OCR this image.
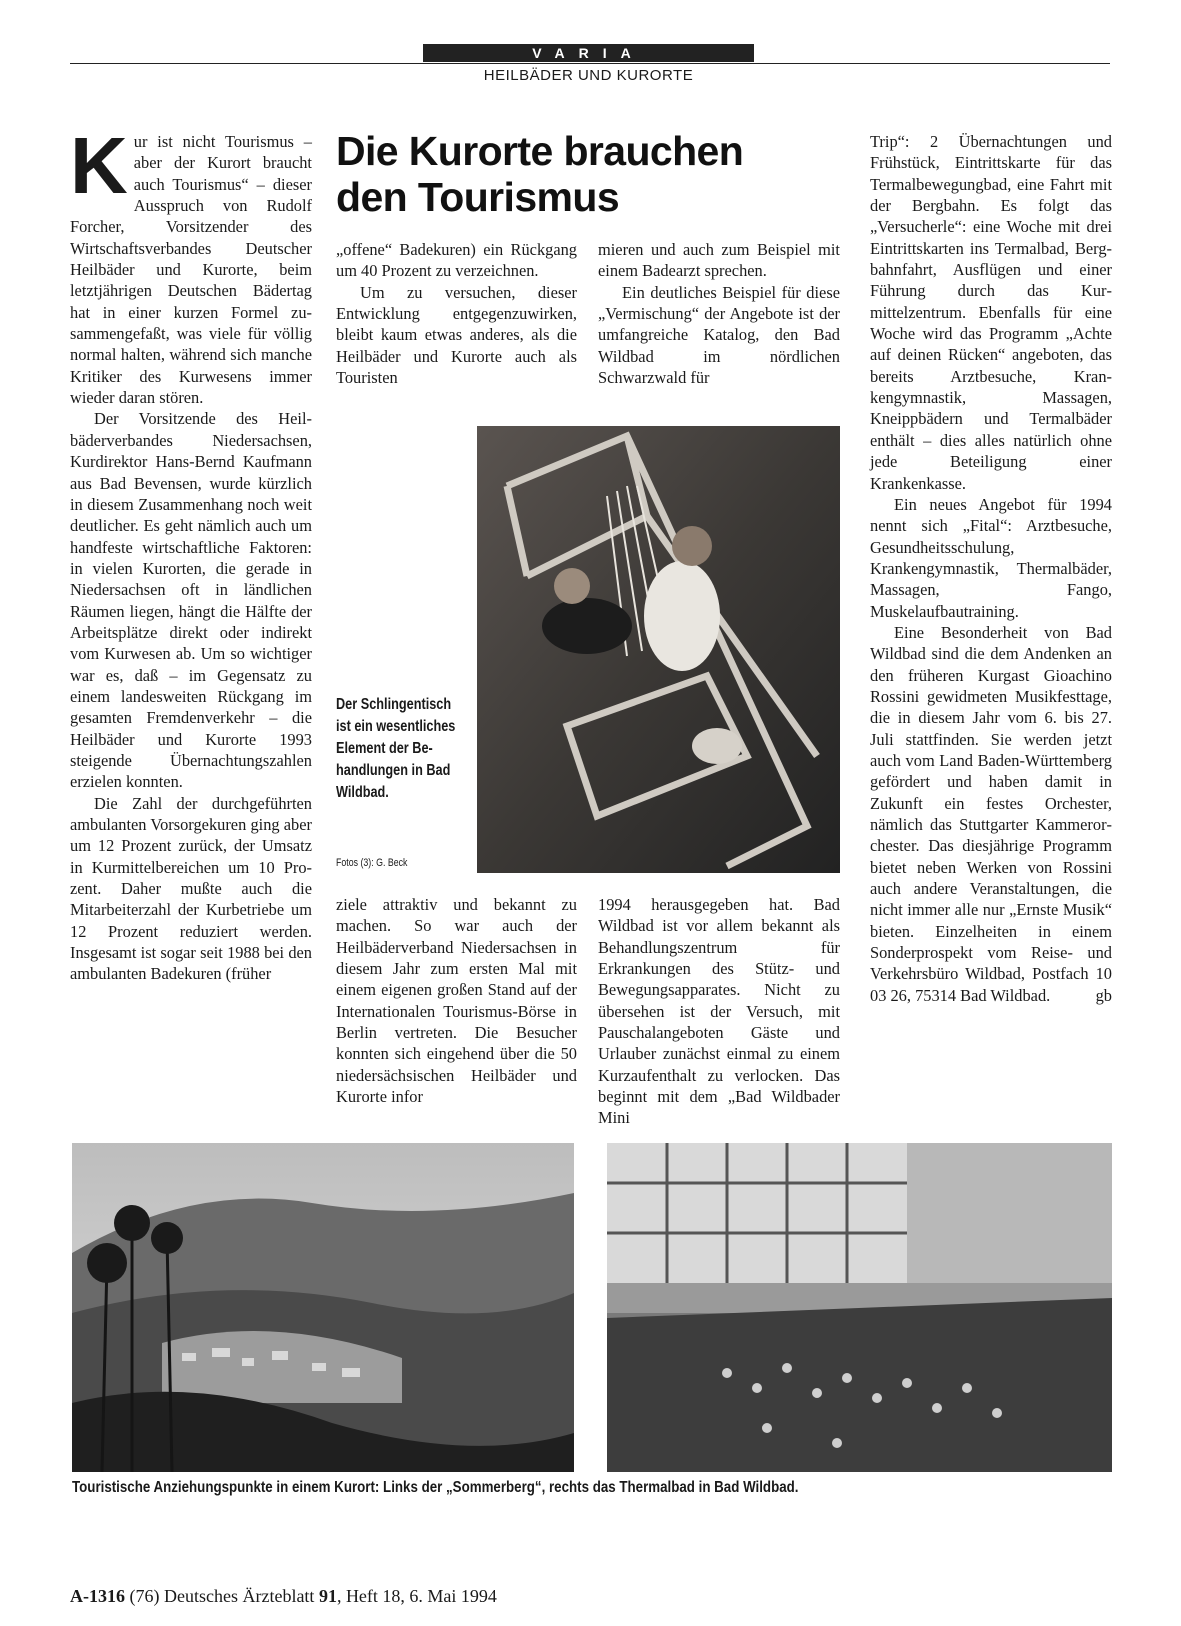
VARIA
HEILBÄDER UND KURORTE

Kur ist nicht Tourismus – aber der Kurort braucht auch Tourismus“ – dieser Ausspruch von Rudolf Forcher, Vorsitzender des Wirtschaftsverbandes Deutscher Heilbäder und Kurorte, beim letztjährigen Deutschen Bädertag hat in einer kurzen Formel zusammengefaßt, was viele für völlig normal halten, während sich manche Kritiker des Kurwesens immer wieder daran stören.

Der Vorsitzende des Heilbäderverbandes Niedersachsen, Kurdirektor Hans-Bernd Kaufmann aus Bad Bevensen, wurde kürzlich in diesem Zusammenhang noch weit deutlicher. Es geht nämlich auch um handfeste wirtschaftliche Faktoren: in vielen Kurorten, die gerade in Niedersachsen oft in ländlichen Räumen liegen, hängt die Hälfte der Arbeitsplätze direkt oder indirekt vom Kurwesen ab. Um so wichtiger war es, daß – im Gegensatz zu einem landesweiten Rückgang im gesamten Fremdenverkehr – die Heilbäder und Kurorte 1993 steigende Übernachtungszahlen erzielen konnten.

Die Zahl der durchgeführten ambulanten Vorsorgekuren ging aber um 12 Prozent zurück, der Umsatz in Kurmittelbereichen um 10 Prozent. Daher mußte auch die Mitarbeiterzahl der Kurbetriebe um 12 Prozent reduziert werden. Insgesamt ist sogar seit 1988 bei den ambulanten Badekuren (früher

Die Kurorte brauchen
den Tourismus

„offene“ Badekuren) ein Rückgang um 40 Prozent zu verzeichnen.

Um zu versuchen, dieser Entwicklung entgegenzuwirken, bleibt kaum etwas anderes, als die Heilbäder und Kurorte auch als Touristen

mieren und auch zum Beispiel mit einem Badearzt sprechen.

Ein deutliches Beispiel für diese „Vermischung“ der Angebote ist der umfangreiche Katalog, den Bad Wildbad im nördlichen Schwarzwald für

Der Schlingentisch ist ein wesentliches Element der Behandlungen in Bad Wildbad.
Fotos (3): G. Beck

ziele attraktiv und bekannt zu machen. So war auch der Heilbäderverband Niedersachsen in diesem Jahr zum ersten Mal mit einem eigenen großen Stand auf der Internationalen Tourismus-Börse in Berlin vertreten. Die Besucher konnten sich eingehend über die 50 niedersächsischen Heilbäder und Kurorte infor

1994 herausgegeben hat. Bad Wildbad ist vor allem bekannt als Behandlungszentrum für Erkrankungen des Stütz- und Bewegungsapparates. Nicht zu übersehen ist der Versuch, mit Pauschalangeboten Gäste und Urlauber zunächst einmal zu einem Kurzaufenthalt zu verlocken. Das beginnt mit dem „Bad Wildbader Mini

Trip“: 2 Übernachtungen und Frühstück, Eintrittskarte für das Termalbewegungbad, eine Fahrt mit der Bergbahn. Es folgt das „Versucherle“: eine Woche mit drei Eintrittskarten ins Termalbad, Bergbahnfahrt, Ausflügen und einer Führung durch das Kurmittelzentrum. Ebenfalls für eine Woche wird das Programm „Achte auf deinen Rücken“ angeboten, das bereits Arztbesuche, Krankengymnastik, Massagen, Kneippbädern und Termalbäder enthält – dies alles natürlich ohne jede Beteiligung einer Krankenkasse.

Ein neues Angebot für 1994 nennt sich „Fital“: Arztbesuche, Gesundheitsschulung, Krankengymnastik, Thermalbäder, Massagen, Fango, Muskelaufbautraining.

Eine Besonderheit von Bad Wildbad sind die dem Andenken an den früheren Kurgast Gioachino Rossini gewidmeten Musikfesttage, die in diesem Jahr vom 6. bis 27. Juli stattfinden. Sie werden jetzt auch vom Land Baden-Württemberg gefördert und haben damit in Zukunft ein festes Orchester, nämlich das Stuttgarter Kammerorchester. Das diesjährige Programm bietet neben Werken von Rossini auch andere Veranstaltungen, die nicht immer alle nur „Ernste Musik“ bieten. Einzelheiten in einem Sonderprospekt vom Reise- und Verkehrsbüro Wildbad, Postfach 10 03 26, 75314 Bad Wildbad.	gb

Touristische Anziehungspunkte in einem Kurort: Links der „Sommerberg“, rechts das Thermalbad in Bad Wildbad.
A-1316 (76) Deutsches Ärzteblatt 91, Heft 18, 6. Mai 1994
